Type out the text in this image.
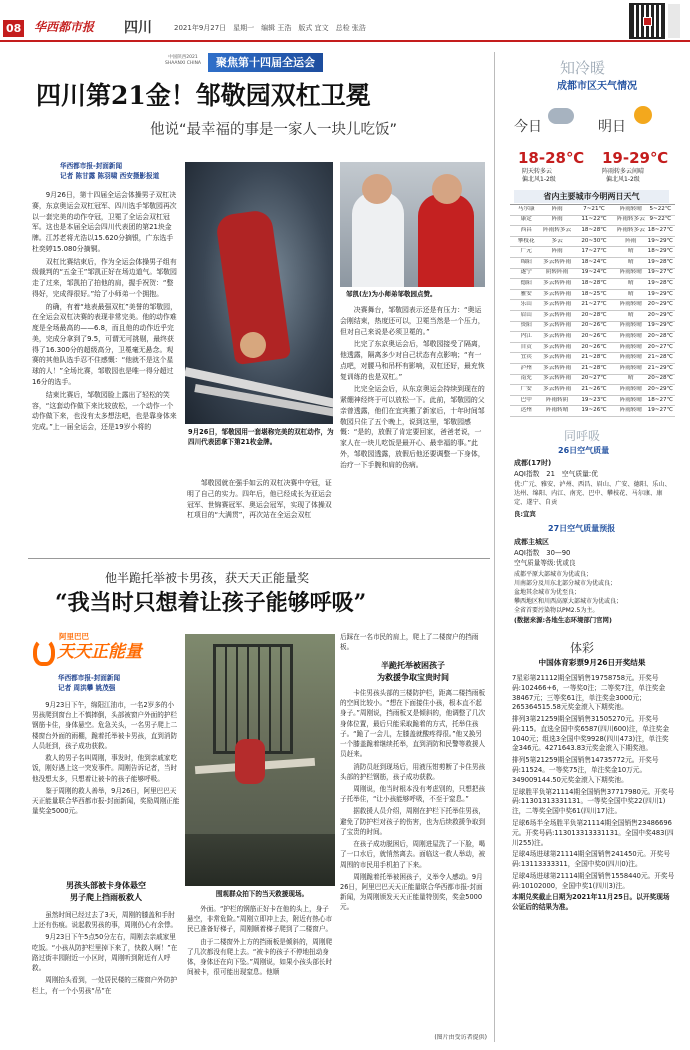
08 华西都市报 四川	2021年9月27日　星期一　编辑 王浩　版式 宜文　总检 张浩
中国陕西2021 SHAANXI CHINA	聚焦第十四届全运会
四川第21金！邹敬园双杠卫冕
他说“最幸福的事是一家人一块儿吃饭”
华西都市报-封面新闻
记者 陈甘露 陈羽啸 西安摄影报道

9月26日，第十四届全运会体操男子双杠决赛，东京奥运会双杠冠军、四川选手邹敬园再次以一套完美的动作夺冠，卫冕了全运会双杠冠军。这也是本届全运会四川代表团的第21块金牌。江苏老将尤浩以15.620分摘银，广东选手杜奕婷15.080分摘铜。

双杠比赛结束后，作为全运会体操男子组有级裁判的“五金王”邹凯正好在场边道气。邹敬园走了过来，邹凯拍了拍他的肩，握手祝贺：“整得好，完成得很好。”给了小师弟一个拥抱。

的确，有着“地表最强双杠”美誉的邹敬园，在全运会双杠决赛的表现非常完美。他的动作难度是全场最高的——6.8，而且他的动作近乎完美，完成分拿到了9.5，可谓无可挑剔，最终获得了16.300分的超级高分，卫冕毫无悬念。观赛的其他队选手忍不住感慨：“他就不是这个星球的人！”全场比赛，邹敬园也是唯一得分超过16分的选手。

结束比赛后，邹敬园脸上露出了轻松的笑容，“这套动作做下来比较放松，一个动作一个动作做下来，也没有太多想法吧，也是靠身体来完成。”上一届全运会，还是19岁小将的

9月26日，邹敬园用一套堪称完美的双杠动作，为四川代表团拿下第21枚金牌。
邹凯(左)为小师弟邹敬园点赞。

决赛舞台，邹敬园表示还是有压力：“奥运会刚结束，热度还可以，卫冕当然是一个压力，但对自己来说是必须卫冕的。”

比完了东京奥运会后，邹敬园接受了隔离，他透露，隔离多少对自己状态有点影响；“有一点吧，对腰马和吊杯有影响，双杠还好，最充恢复训练的也是双杠。”

比完全运会后，从东京奥运会持续到现在的紧绷神经终于可以放松一下。此前，邹敬园的父亲曾透露，他们在宜宾搬了新家后，十年时间邹敬园只住了五个晚上，说到这里，邹敬园感慨：“是的，放假了肯定要回家，爸爸老说，一家人在一块儿吃饭是最开心、最幸福的事。”此外，邹敬园透露，放假后他还要调整一下身体，治疗一下手腕和肩的伤病。

邹敬园就在强手如云的双杠决赛中夺冠，证明了自己的实力。四年后，他已经成长为亚运会冠军、世锦赛冠军、奥运会冠军，实现了体操双杠项目的“大满贯”，再次站在全运会双杠

他半跪托举被卡男孩，获天天正能量奖
“我当时只想着让孩子能够呼吸”
阿里巴巴
天天正能量
华西都市报-封面新闻
记者 周洪攀 姚茂强

9月23日下午，绵阳江油市，一名2岁多的小男孩爬到窗台上不慎摔倒，头部被窗户外面的护栏钢筋卡住，身体悬空。危急关头，一名男子爬上二楼窗台外面的雨棚，跪着托举被卡男孩，直到消防人员赶到，孩子成功获救。

救人的男子名叫周刚，事发时，他到亲戚家吃饭，刚好遇上这一突发事件。周刚告诉记者，当时他没想太多，只想着让被卡的孩子能够呼吸。

鉴于周刚的救人善举，9月26日，阿里巴巴天天正能量联合华西都市报-封面新闻，奖励周刚正能量奖金5000元。

男孩头部被卡身体悬空
男子爬上挡雨板救人

虽然时间已经过去了3天，周刚的膝盖和手肘上还有伤痕。说起救男孩的事，周刚仍心有余悸。

9月23日下午5点50分左右，周刚去亲戚家里吃饭。“小孩从防护栏里掉下来了，快救人啊！”在路过街丰园附近一小区时，周刚听到附近有人呼救。

周刚抬头看到，一处居民楼的三楼窗户外防护栏上，有一个小男孩“吊”在

围观群众拍下的当天救援现场。

外面。“护栏的钢筋正好卡在他的头上，身子悬空，非常危险。”周刚立即冲上去，附近有热心市民已准备好梯子，周刚顺着梯子爬到了二楼窗户。

由于二楼窗外上方的挡雨板是倾斜的，周刚爬了几次都没有爬上去。“被卡的孩子不停地扭动身体，身体还在向下坠。”周刚说，如果小孩头部长时间被卡，很可能出现窒息。他顺

后踩在一名市民的肩上，爬上了二楼窗户的挡雨板。

半跪托举被困孩子
为救援争取宝贵时间

卡住男孩头部的三楼防护栏，距离二楼挡雨板的空间比较小。“想在下面接住小孩，根本直不起身子。”周刚说，挡雨板又是倾斜的，他调整了几次身体位置，最后只能采取跪着的方式，托举住孩子。“跪了一会儿，左膝盖就酸疼得很。”他又换另一个膝盖跪着继续托举，直到消防和民警等救援人员赶来。

消防员赶到现场后，用液压钳剪断了卡住男孩头部的护栏钢筋，孩子成功获救。

周刚说，他当时根本没有考虑别的，只想把孩子托举住，“让小孩能够呼吸，不至于窒息。”

据救援人员介绍，周刚在护栏下托举住男孩，避免了防护栏对孩子的伤害，也为后续救援争取到了宝贵的时间。

在孩子成功脱困后，周刚进屋洗了一下脸，喝了一口水后，就悄然离去。面临这一救人举动，被周围的市民用手机拍了下来。

周刚跪着托举被困孩子，义举令人感动。9月26日，阿里巴巴天天正能量联合华西都市报-封面新闻，为周刚颁发天天正能量特别奖，奖金5000元。

(图片由受访者提供)
知冷暖
成都市区天气情况
今日
18-28℃
阴天转多云
偏北风1-2级
明日
19-29℃
阵雨转多云间晴
偏北风1-2级
省内主要城市今明两日天气
马尔康	阵雨	7~21℃	阵雨转晴	5~22℃
康定	阵雨	11~22℃	阵雨转多云 9~22℃
西昌	阵雨转多云	18~28℃	阵雨转多云 18~27℃
攀枝花	多云	20~30℃	阵雨	19~29℃
广元	阵雨	17~27℃	晴	18~29℃
绵阳	多云转阵雨	18~24℃	晴	19~28℃
遂宁	阴转阵雨	19~24℃	阵雨转晴	19~27℃
德阳	多云转阵雨	18~28℃	晴	19~28℃
雅安	多云转阵雨	18~25℃	晴	19~29℃
乐山	多云转阵雨	21~27℃	阵雨转晴	20~29℃
眉山	多云转阵雨	20~28℃	晴	20~29℃
资阳	多云转阵雨	20~26℃	阵雨转晴	19~29℃
内江	多云转阵雨	20~26℃	阵雨转晴	20~28℃
自贡	多云转阵雨	20~26℃	阵雨转晴	20~27℃
宜宾	多云转阵雨	21~28℃	阵雨转晴	21~28℃
泸州	多云转阵雨	21~28℃	阵雨转晴	21~29℃
南充	多云转阵雨	20~27℃	晴	20~28℃
广安	多云转阵雨	21~26℃	阵雨转晴	20~29℃
巴中	阵雨转阴	19~23℃	阵雨转晴	18~27℃
达州	阵雨转晴	19~26℃	阵雨转晴	19~27℃
同呼吸
26日空气质量
成都(17时)
AQI指数　21　空气质量:优
优:广元、雅安、泸州、西昌、眉山、广安、德阳、乐山、达州、绵阳、内江、南充、巴中、攀枝花、马尔康、康定、遂宁、自贡
良:宜宾
27日空气质量预报
成都主城区
AQI指数　30—90
空气质量等级:优或良
成都平原大部城市为优或良；
川南部分及川东北部分城市为优或良；
盆地其余城市为优至良；
攀西地区和川西高原大部城市为优或良；
全省首要污染物以PM2.5为主。
(数据来源:各地生态环境部门官网)
体彩
中国体育彩票9月26日开奖结果

7星彩第21112期全国销售19758758元。开奖号码:102466+6，一等奖0注；二等奖7注，单注奖金38467元；三等奖61注，单注奖金3000元；265364515.58元奖金滚入下期奖池。

排列3第21259期全国销售31505270元。开奖号码:115。直选全国中奖6587(四川600)注，单注奖金1040元；组选3全国中奖9928(四川473)注，单注奖金346元。4271643.83元奖金滚入下期奖池。

排列5第21259期全国销售14735772元。开奖号码:11524。一等奖75注，单注奖金10万元。349009144.50元奖金滚入下期奖池。

足球胜平负第21114期全国销售37717980元。开奖号码:11301313331131。一等奖全国中奖22(四川1)注，二等奖全国中奖61(四川17)注。

足球6场半全场胜平负第21114期全国销售23486696元。开奖号码:113013313331131。全国中奖483(四川255)注。

足球4场进球第21114期全国销售241450元。开奖号码:13113333311，全国中奖0(四川0)注。

足球4场进球第21114期全国销售1558440元。开奖号码:10102000，全国中奖1(四川3)注。

本期兑奖截止日期为2021年11月25日。以开奖现场公证后的结果为准。
